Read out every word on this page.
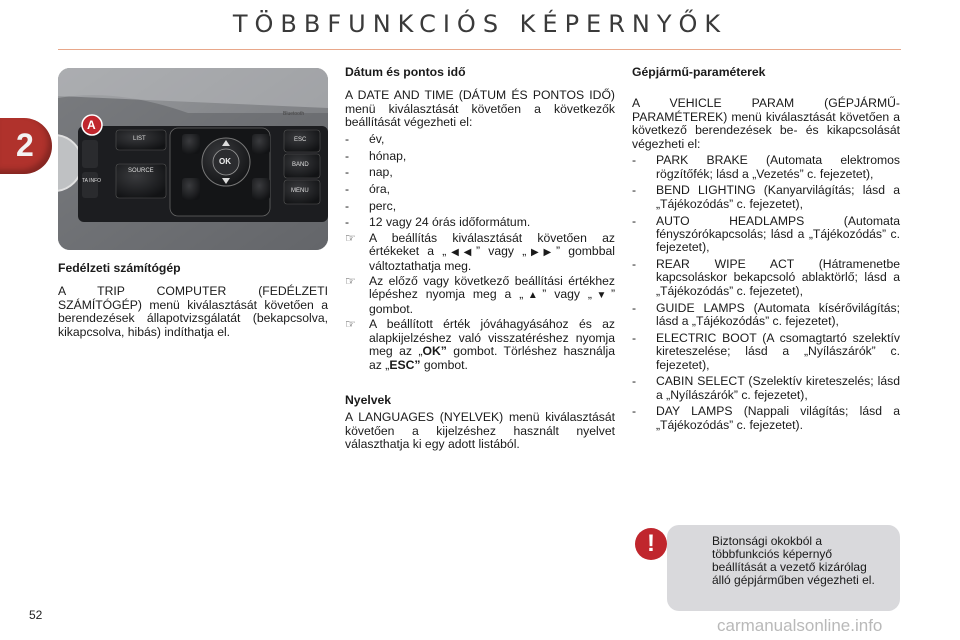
TÖBBFUNKCIÓS KÉPERNYŐK
2
A
LIST
SOURCE
TA INFO
OK
ESC
BAND
MENU
Bluetooth
Fedélzeti számítógép

A TRIP COMPUTER (FEDÉLZETI SZÁMÍTÓGÉP) menü kiválasztását követően a berendezések állapotvizsgálatát (bekapcsolva, kikapcsolva, hibás) indíthatja el.

Dátum és pontos idő

A DATE AND TIME (DÁTUM ÉS PONTOS IDŐ) menü kiválasztását követően a következők beállítását végezheti el:

-	év,
-	hónap,
-	nap,
-	óra,
-	perc,
-	12 vagy 24 órás időformátum.
☞	A beállítás kiválasztását követően az értékeket a „◀◀” vagy „▶▶” gombbal változtathatja meg.
☞	Az előző vagy következő beállítási értékhez lépéshez nyomja meg a „▲” vagy „▼” gombot.
☞	A beállított érték jóváhagyásához és az alapkijelzéshez való visszatéréshez nyomja meg az „OK” gombot. Törléshez használja az „ESC” gombot.
Nyelvek

A LANGUAGES (NYELVEK) menü kiválasztását követően a kijelzéshez használt nyelvet választhatja ki egy adott listából.

Gépjármű-paraméterek

A VEHICLE PARAM (GÉPJÁRMŰ-PARAMÉTEREK) menü kiválasztását követően a következő berendezések be- és kikapcsolását végezheti el:

-	PARK BRAKE (Automata elektromos rögzítőfék; lásd a „Vezetés” c. fejezetet),
-	BEND LIGHTING (Kanyarvilágítás; lásd a „Tájékozódás” c. fejezetet),
-	AUTO HEADLAMPS (Automata fényszórókapcsolás; lásd a „Tájékozódás” c. fejezetet),
-	REAR WIPE ACT (Hátramenetbe kapcsoláskor bekapcsoló ablaktörlő; lásd a „Tájékozódás” c. fejezetet),
-	GUIDE LAMPS (Automata kísérővilágítás; lásd a „Tájékozódás” c. fejezetet),
-	ELECTRIC BOOT (A csomagtartó szelektív kireteszelése; lásd a „Nyílászárók” c. fejezetet),
-	CABIN SELECT (Szelektív kireteszelés; lásd a „Nyílászárók” c. fejezetet),
-	DAY LAMPS (Nappali világítás; lásd a „Tájékozódás” c. fejezetet).
Biztonsági okokból a többfunkciós képernyő beállítását a vezető kizárólag álló gépjárműben végezheti el.
!
52
carmanualsonline.info
